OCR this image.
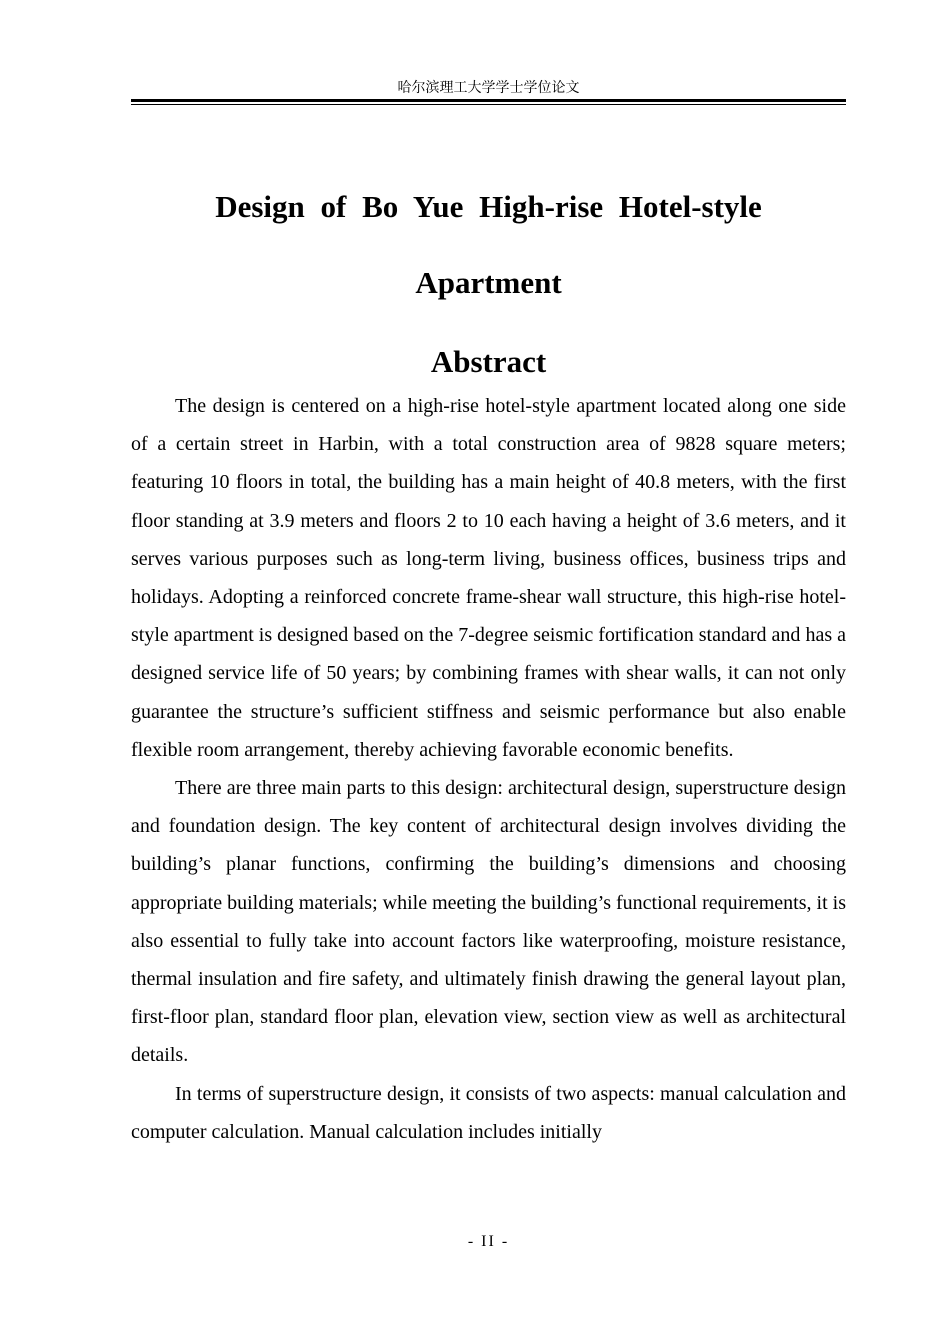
哈尔滨理工大学学士学位论文
Design of Bo Yue High-rise Hotel-style
Apartment
Abstract

The design is centered on a high-rise hotel-style apartment located along one side of a certain street in Harbin, with a total construction area of 9828 square meters; featuring 10 floors in total, the building has a main height of 40.8 meters, with the first floor standing at 3.9 meters and floors 2 to 10 each having a height of 3.6 meters, and it serves various purposes such as long-term living, business offices, business trips and holidays. Adopting a reinforced concrete frame-shear wall structure, this high-rise hotel-style apartment is designed based on the 7-degree seismic fortification standard and has a designed service life of 50 years; by combining frames with shear walls, it can not only guarantee the structure’s sufficient stiffness and seismic performance but also enable flexible room arrangement, thereby achieving favorable economic benefits.

There are three main parts to this design: architectural design, superstructure design and foundation design. The key content of architectural design involves dividing the building’s planar functions, confirming the building’s dimensions and choosing appropriate building materials; while meeting the building’s functional requirements, it is also essential to fully take into account factors like waterproofing, moisture resistance, thermal insulation and fire safety, and ultimately finish drawing the general layout plan, first-floor plan, standard floor plan, elevation view, section view as well as architectural details.

In terms of superstructure design, it consists of two aspects: manual calculation and computer calculation. Manual calculation includes initially

- II -
